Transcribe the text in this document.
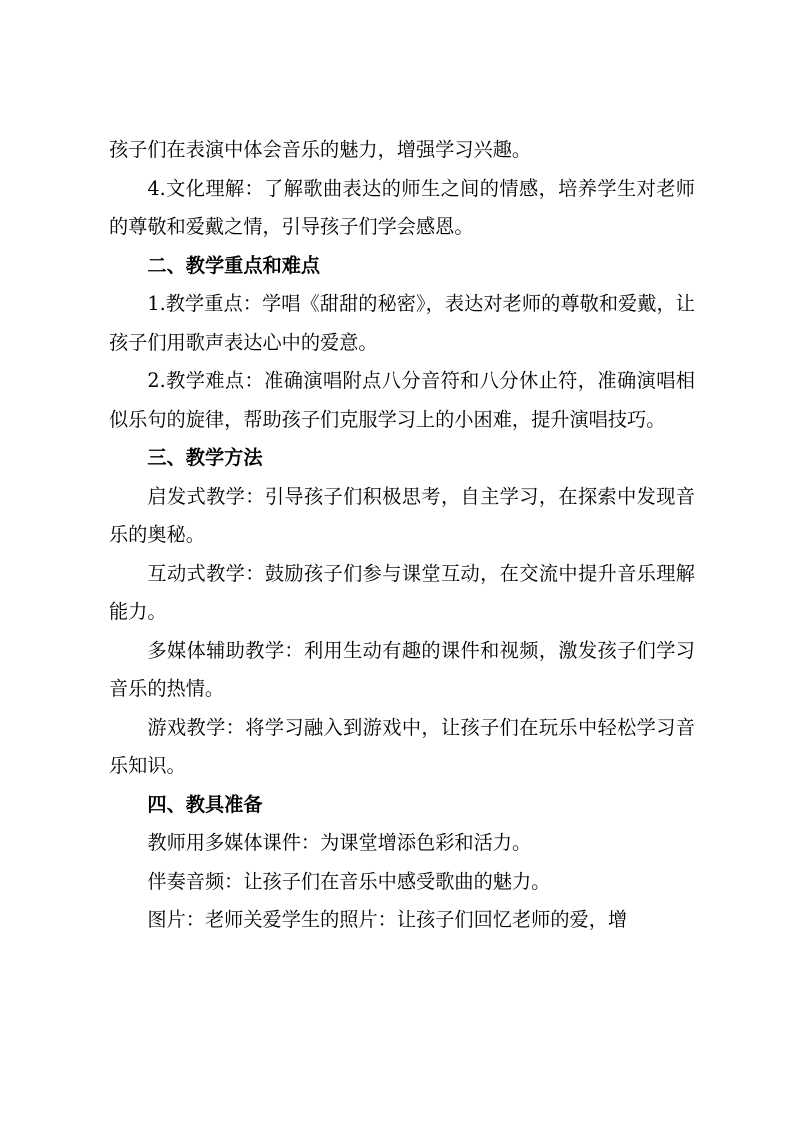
孩子们在表演中体会音乐的魅力，增强学习兴趣。

4.文化理解：了解歌曲表达的师生之间的情感，培养学生对老师的尊敬和爱戴之情，引导孩子们学会感恩。

二、教学重点和难点

1.教学重点：学唱《甜甜的秘密》，表达对老师的尊敬和爱戴，让孩子们用歌声表达心中的爱意。

2.教学难点：准确演唱附点八分音符和八分休止符，准确演唱相似乐句的旋律，帮助孩子们克服学习上的小困难，提升演唱技巧。

三、教学方法

启发式教学：引导孩子们积极思考，自主学习，在探索中发现音乐的奥秘。

互动式教学：鼓励孩子们参与课堂互动，在交流中提升音乐理解能力。

多媒体辅助教学：利用生动有趣的课件和视频，激发孩子们学习音乐的热情。

游戏教学：将学习融入到游戏中，让孩子们在玩乐中轻松学习音乐知识。

四、教具准备

教师用多媒体课件：为课堂增添色彩和活力。

伴奏音频：让孩子们在音乐中感受歌曲的魅力。

图片：老师关爱学生的照片：让孩子们回忆老师的爱，增
